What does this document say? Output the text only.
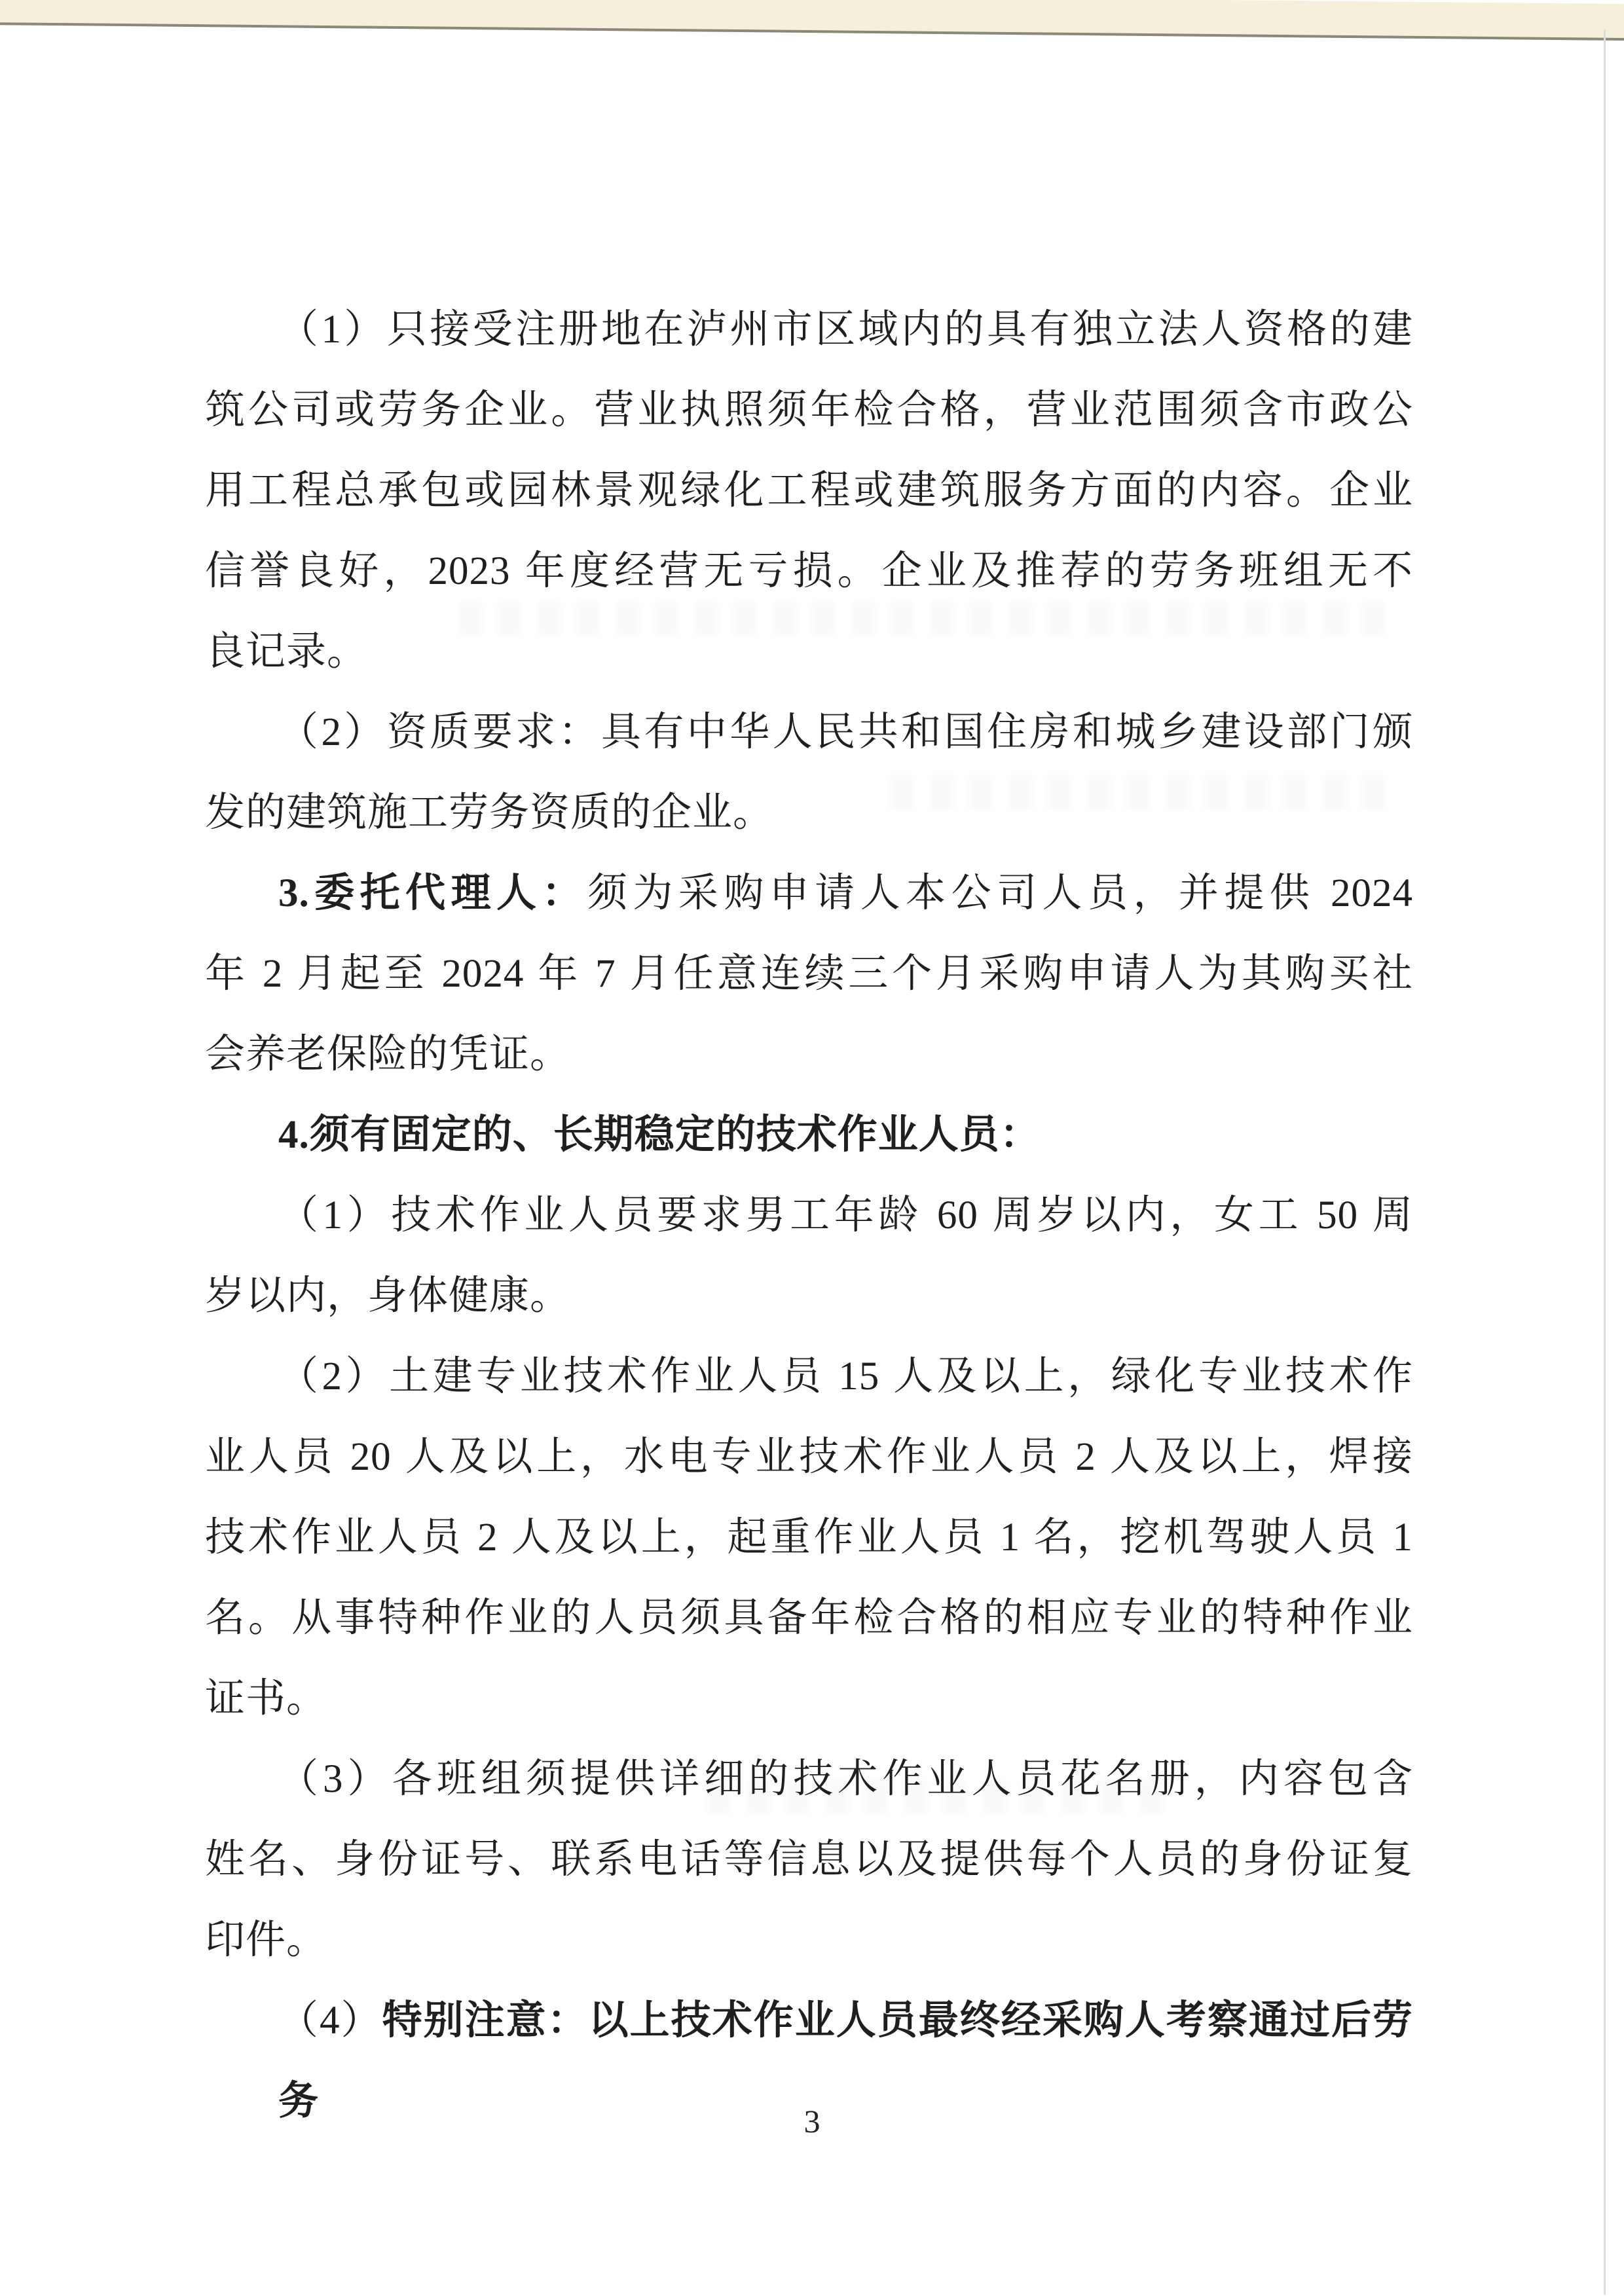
（1）只接受注册地在泸州市区域内的具有独立法人资格的建
筑公司或劳务企业。营业执照须年检合格，营业范围须含市政公
用工程总承包或园林景观绿化工程或建筑服务方面的内容。企业
信誉良好，2023 年度经营无亏损。企业及推荐的劳务班组无不
良记录。
（2）资质要求：具有中华人民共和国住房和城乡建设部门颁
发的建筑施工劳务资质的企业。
3.委托代理人：须为采购申请人本公司人员，并提供 2024
年 2 月起至 2024 年 7 月任意连续三个月采购申请人为其购买社
会养老保险的凭证。
4.须有固定的、长期稳定的技术作业人员：
（1）技术作业人员要求男工年龄 60 周岁以内，女工 50 周
岁以内，身体健康。
（2）土建专业技术作业人员 15 人及以上，绿化专业技术作
业人员 20 人及以上，水电专业技术作业人员 2 人及以上，焊接
技术作业人员 2 人及以上，起重作业人员 1 名，挖机驾驶人员 1
名。从事特种作业的人员须具备年检合格的相应专业的特种作业
证书。
（3）各班组须提供详细的技术作业人员花名册，内容包含
姓名、身份证号、联系电话等信息以及提供每个人员的身份证复
印件。
（4）特别注意：以上技术作业人员最终经采购人考察通过后劳务	3
